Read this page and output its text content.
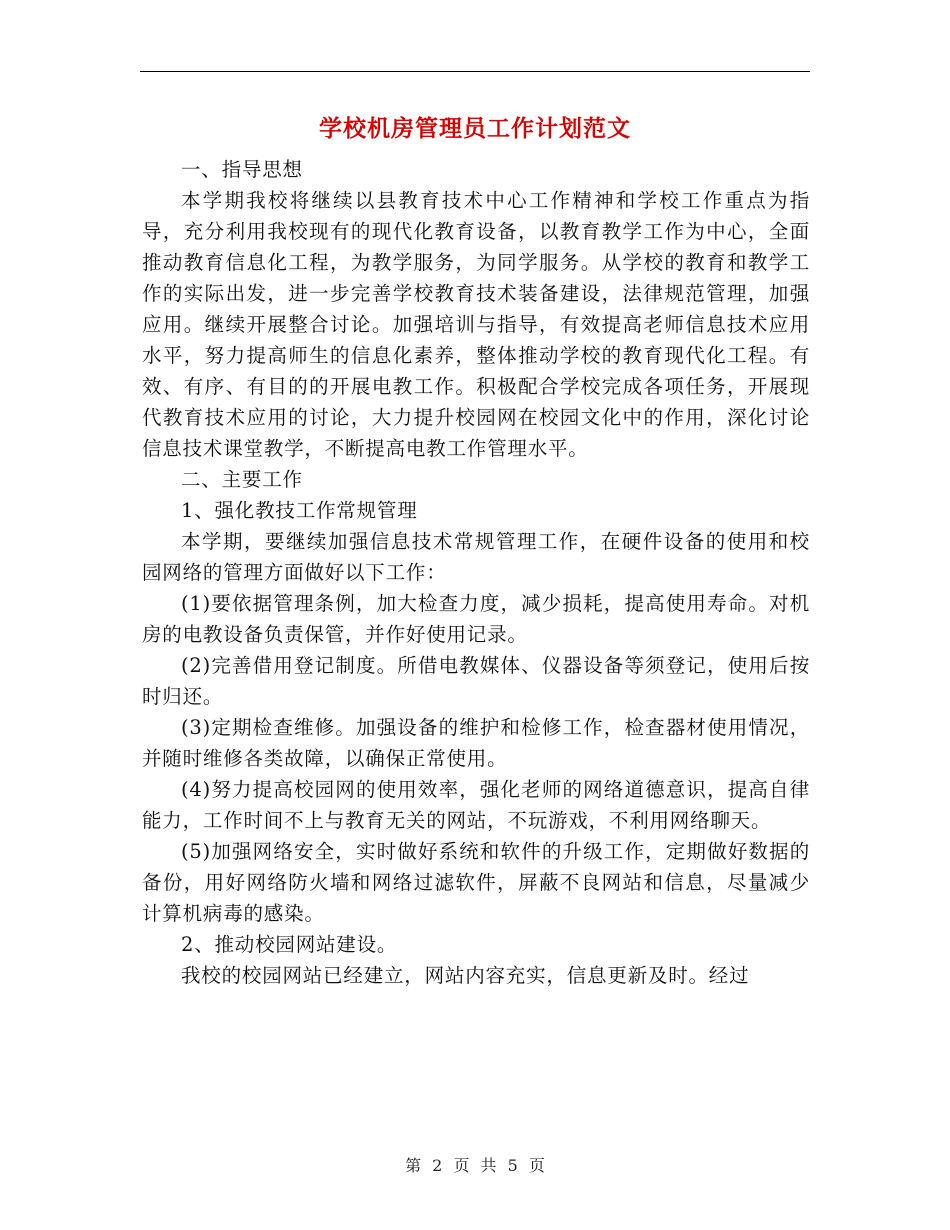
学校机房管理员工作计划范文

一、指导思想

本学期我校将继续以县教育技术中心工作精神和学校工作重点为指导，充分利用我校现有的现代化教育设备，以教育教学工作为中心，全面推动教育信息化工程，为教学服务，为同学服务。从学校的教育和教学工作的实际出发，进一步完善学校教育技术装备建设，法律规范管理，加强应用。继续开展整合讨论。加强培训与指导，有效提高老师信息技术应用水平，努力提高师生的信息化素养，整体推动学校的教育现代化工程。有效、有序、有目的的开展电教工作。积极配合学校完成各项任务，开展现代教育技术应用的讨论，大力提升校园网在校园文化中的作用，深化讨论信息技术课堂教学，不断提高电教工作管理水平。

二、主要工作

1、强化教技工作常规管理

本学期，要继续加强信息技术常规管理工作，在硬件设备的使用和校园网络的管理方面做好以下工作：

(1)要依据管理条例，加大检查力度，减少损耗，提高使用寿命。对机房的电教设备负责保管，并作好使用记录。

(2)完善借用登记制度。所借电教媒体、仪器设备等须登记，使用后按时归还。

(3)定期检查维修。加强设备的维护和检修工作，检查器材使用情况，并随时维修各类故障，以确保正常使用。

(4)努力提高校园网的使用效率，强化老师的网络道德意识，提高自律能力，工作时间不上与教育无关的网站，不玩游戏，不利用网络聊天。

(5)加强网络安全，实时做好系统和软件的升级工作，定期做好数据的备份，用好网络防火墙和网络过滤软件，屏蔽不良网站和信息，尽量减少计算机病毒的感染。

2、推动校园网站建设。

我校的校园网站已经建立，网站内容充实，信息更新及时。经过

第 2 页 共 5 页
